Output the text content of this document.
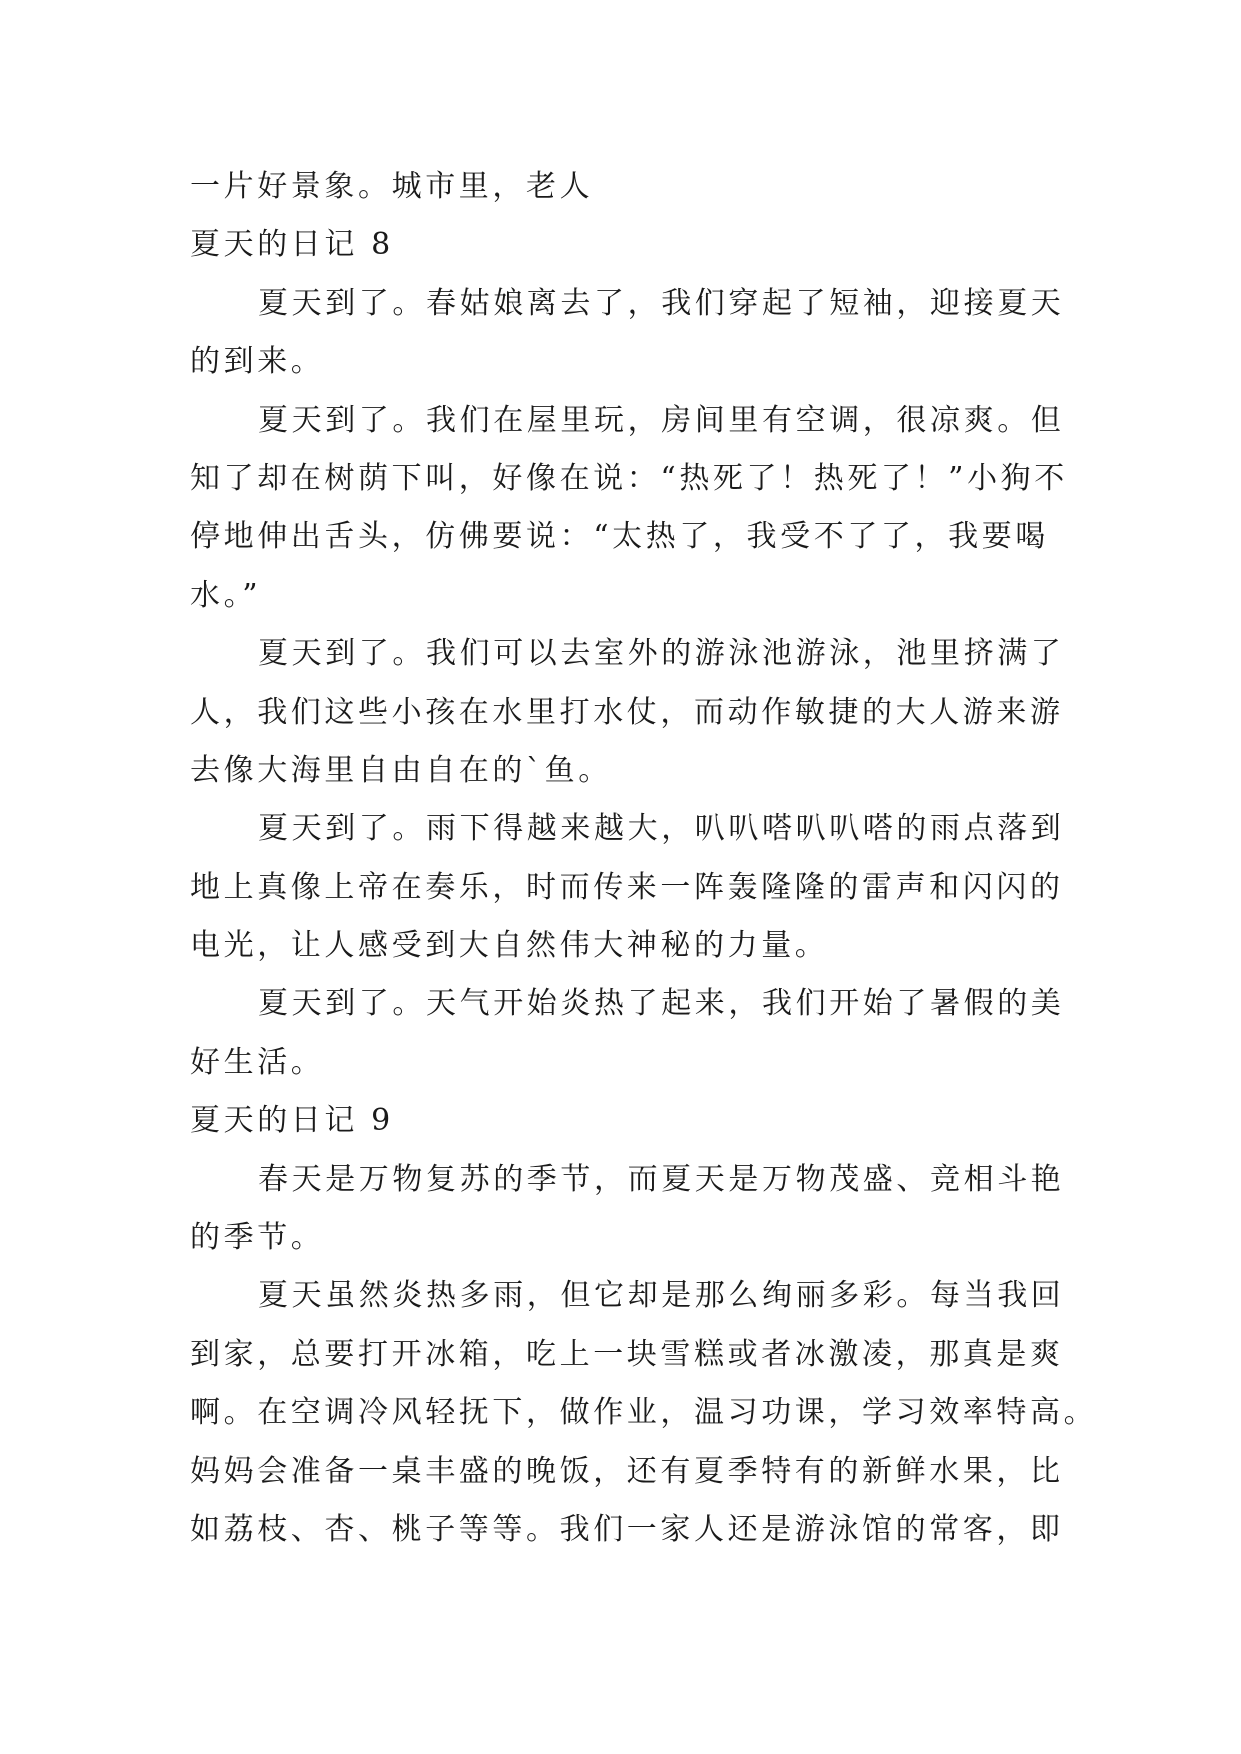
一片好景象。城市里，老人
夏天的日记 8
夏天到了。春姑娘离去了，我们穿起了短袖，迎接夏天
的到来。
夏天到了。我们在屋里玩，房间里有空调，很凉爽。但
知了却在树荫下叫，好像在说：“热死了！热死了！”小狗不
停地伸出舌头，仿佛要说：“太热了，我受不了了，我要喝
水。”
夏天到了。我们可以去室外的游泳池游泳，池里挤满了
人，我们这些小孩在水里打水仗，而动作敏捷的大人游来游
去像大海里自由自在的`鱼。
夏天到了。雨下得越来越大，叭叭嗒叭叭嗒的雨点落到
地上真像上帝在奏乐，时而传来一阵轰隆隆的雷声和闪闪的
电光，让人感受到大自然伟大神秘的力量。
夏天到了。天气开始炎热了起来，我们开始了暑假的美
好生活。
夏天的日记 9
春天是万物复苏的季节，而夏天是万物茂盛、竞相斗艳
的季节。
夏天虽然炎热多雨，但它却是那么绚丽多彩。每当我回
到家，总要打开冰箱，吃上一块雪糕或者冰激凌，那真是爽
啊。在空调冷风轻抚下，做作业，温习功课，学习效率特高。
妈妈会准备一桌丰盛的晚饭，还有夏季特有的新鲜水果，比
如荔枝、杏、桃子等等。我们一家人还是游泳馆的常客，即
